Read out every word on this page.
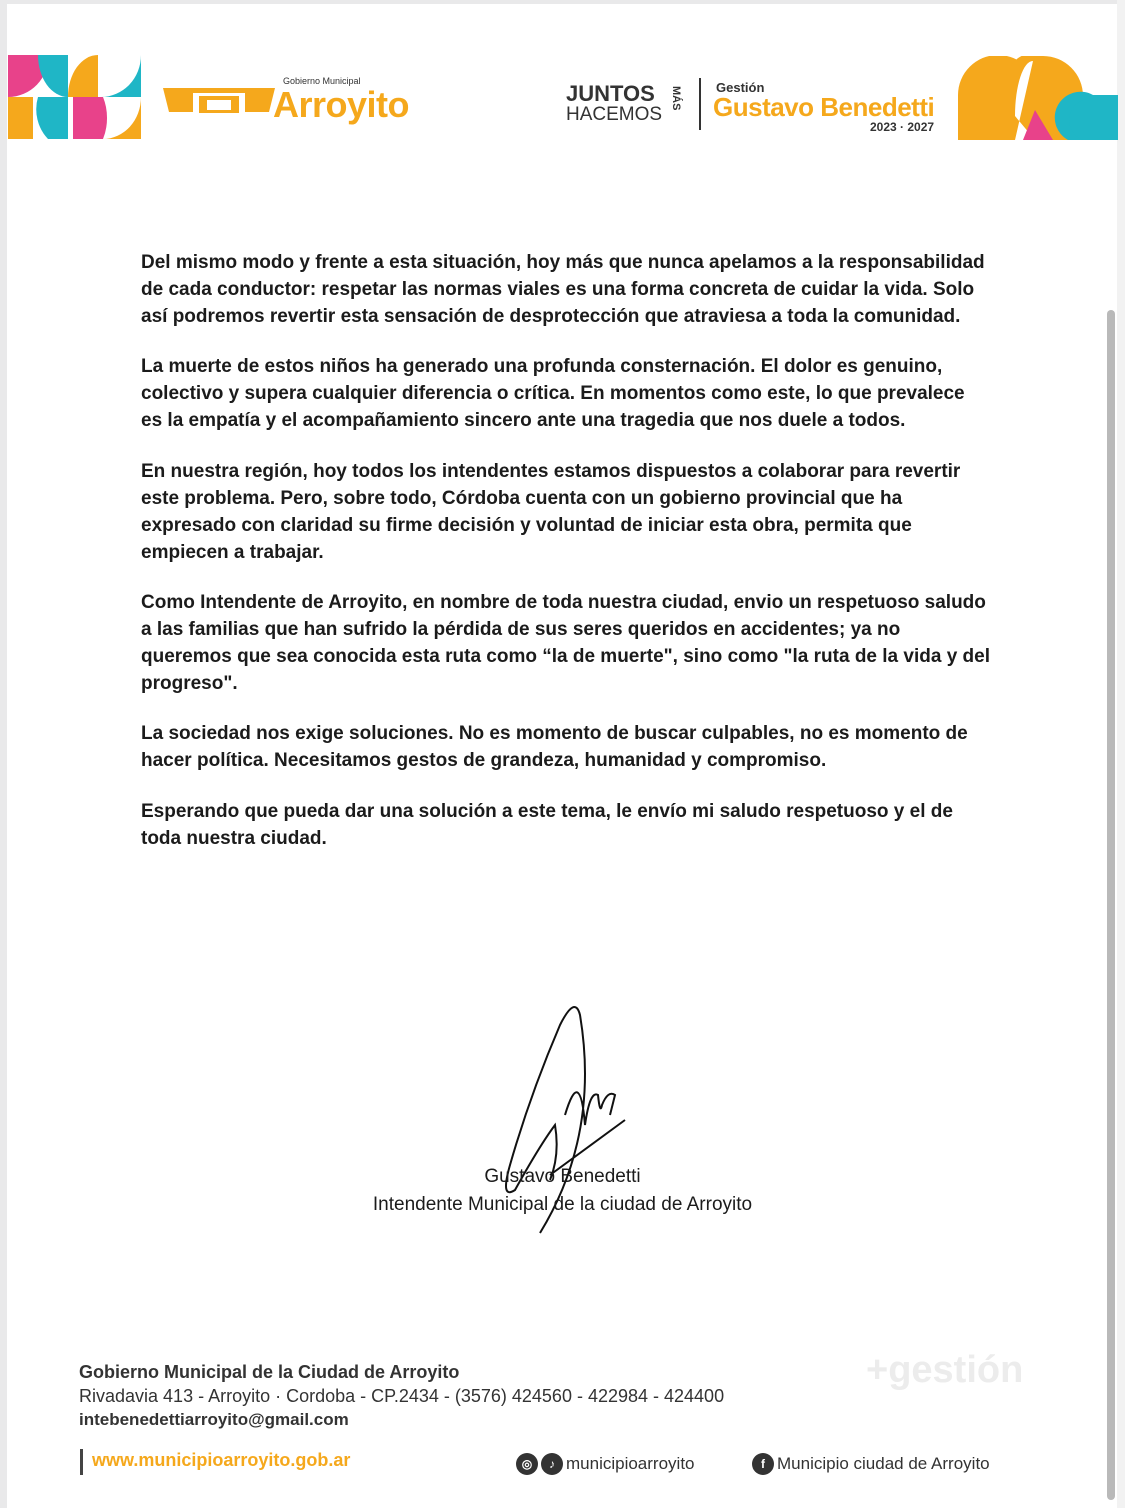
Gobierno Municipal
Arroyito	JUNTOS
HACEMOS
MÁS	Gestión
Gustavo Benedetti
2023 · 2027

Del mismo modo y frente a esta situación, hoy más que nunca apelamos a la responsabilidad de cada conductor: respetar las normas viales es una forma concreta de cuidar la vida. Solo así podremos revertir esta sensación de desprotección que atraviesa a toda la comunidad.

La muerte de estos niños ha generado una profunda consternación. El dolor es genuino, colectivo y supera cualquier diferencia o crítica. En momentos como este, lo que prevalece es la empatía y el acompañamiento sincero ante una tragedia que nos duele a todos.

En nuestra región, hoy todos los intendentes estamos dispuestos a colaborar para revertir este problema. Pero, sobre todo, Córdoba cuenta con un gobierno provincial que ha expresado con claridad su firme decisión y voluntad de iniciar esta obra, permita que empiecen a trabajar.

Como Intendente de Arroyito, en nombre de toda nuestra ciudad, envio un respetuoso saludo a las familias que han sufrido la pérdida de sus seres queridos en accidentes; ya no queremos que sea conocida esta ruta como “la de muerte", sino como "la ruta de la vida y del progreso".

La sociedad nos exige soluciones. No es momento de buscar culpables, no es momento de hacer política. Necesitamos gestos de grandeza, humanidad y compromiso.

Esperando que pueda dar una solución a este tema, le envío mi saludo respetuoso y el de toda nuestra ciudad.

Gustavo Benedetti
Intendente Municipal de la ciudad de Arroyito
Gobierno Municipal de la Ciudad de Arroyito
Rivadavia 413 - Arroyito · Cordoba - CP.2434 - (3576) 424560 - 422984 - 424400
intebenedettiarroyito@gmail.com
+gestión
www.municipioarroyito.gob.ar	◎	♪ municipioarroyito	f Municipio ciudad de Arroyito
